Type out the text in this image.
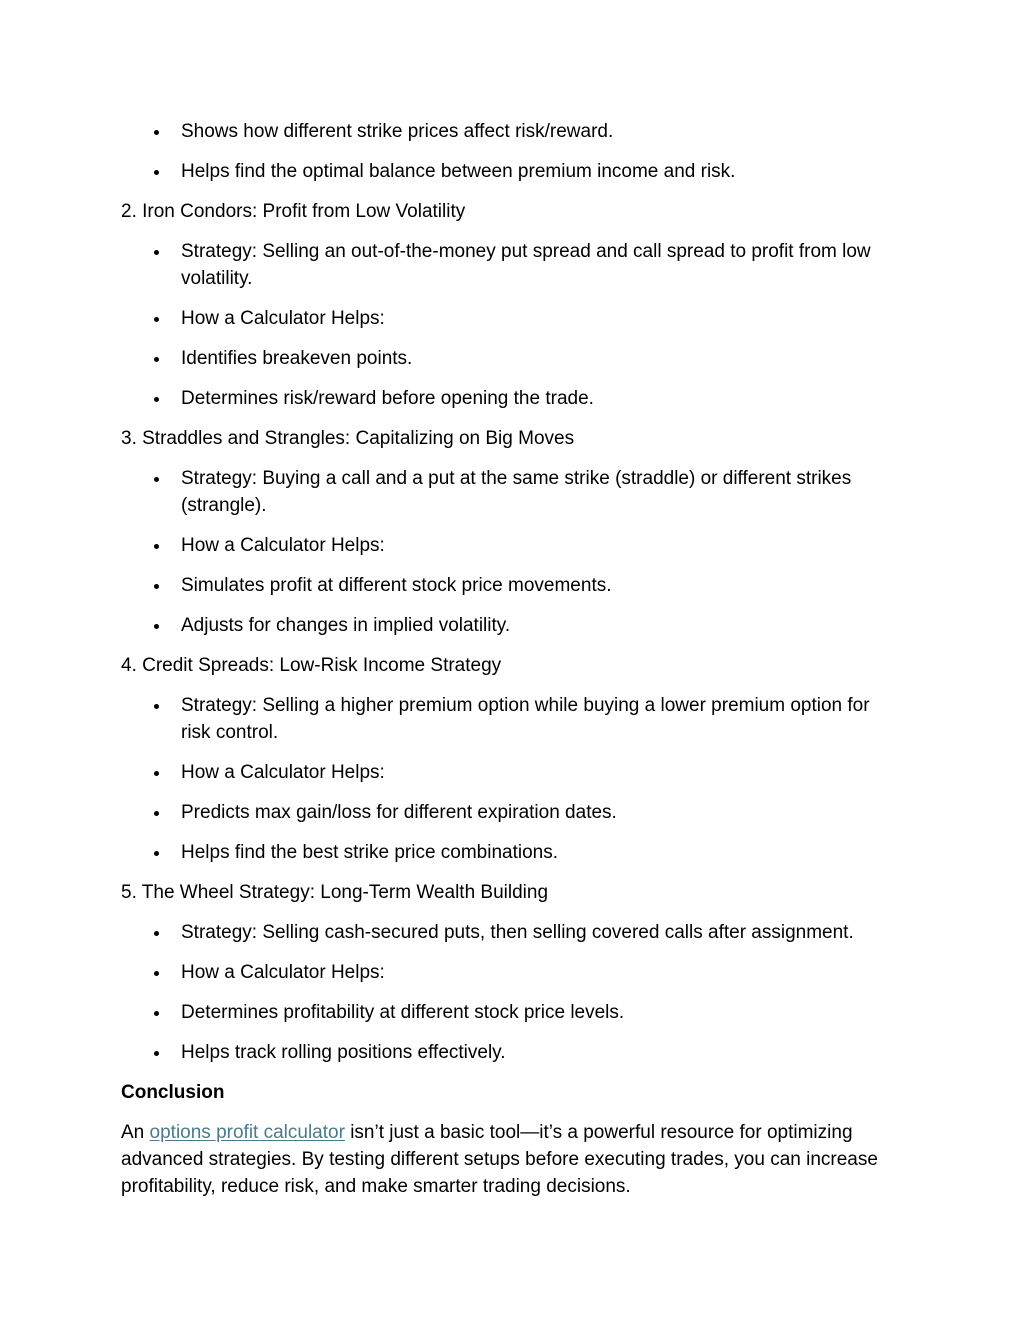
Shows how different strike prices affect risk/reward.
Helps find the optimal balance between premium income and risk.

2. Iron Condors: Profit from Low Volatility

Strategy: Selling an out-of-the-money put spread and call spread to profit from low volatility.
How a Calculator Helps:
Identifies breakeven points.
Determines risk/reward before opening the trade.

3. Straddles and Strangles: Capitalizing on Big Moves

Strategy: Buying a call and a put at the same strike (straddle) or different strikes (strangle).
How a Calculator Helps:
Simulates profit at different stock price movements.
Adjusts for changes in implied volatility.

4. Credit Spreads: Low-Risk Income Strategy

Strategy: Selling a higher premium option while buying a lower premium option for risk control.
How a Calculator Helps:
Predicts max gain/loss for different expiration dates.
Helps find the best strike price combinations.

5. The Wheel Strategy: Long-Term Wealth Building

Strategy: Selling cash-secured puts, then selling covered calls after assignment.
How a Calculator Helps:
Determines profitability at different stock price levels.
Helps track rolling positions effectively.

Conclusion

An options profit calculator isn’t just a basic tool—it’s a powerful resource for optimizing advanced strategies. By testing different setups before executing trades, you can increase profitability, reduce risk, and make smarter trading decisions.
